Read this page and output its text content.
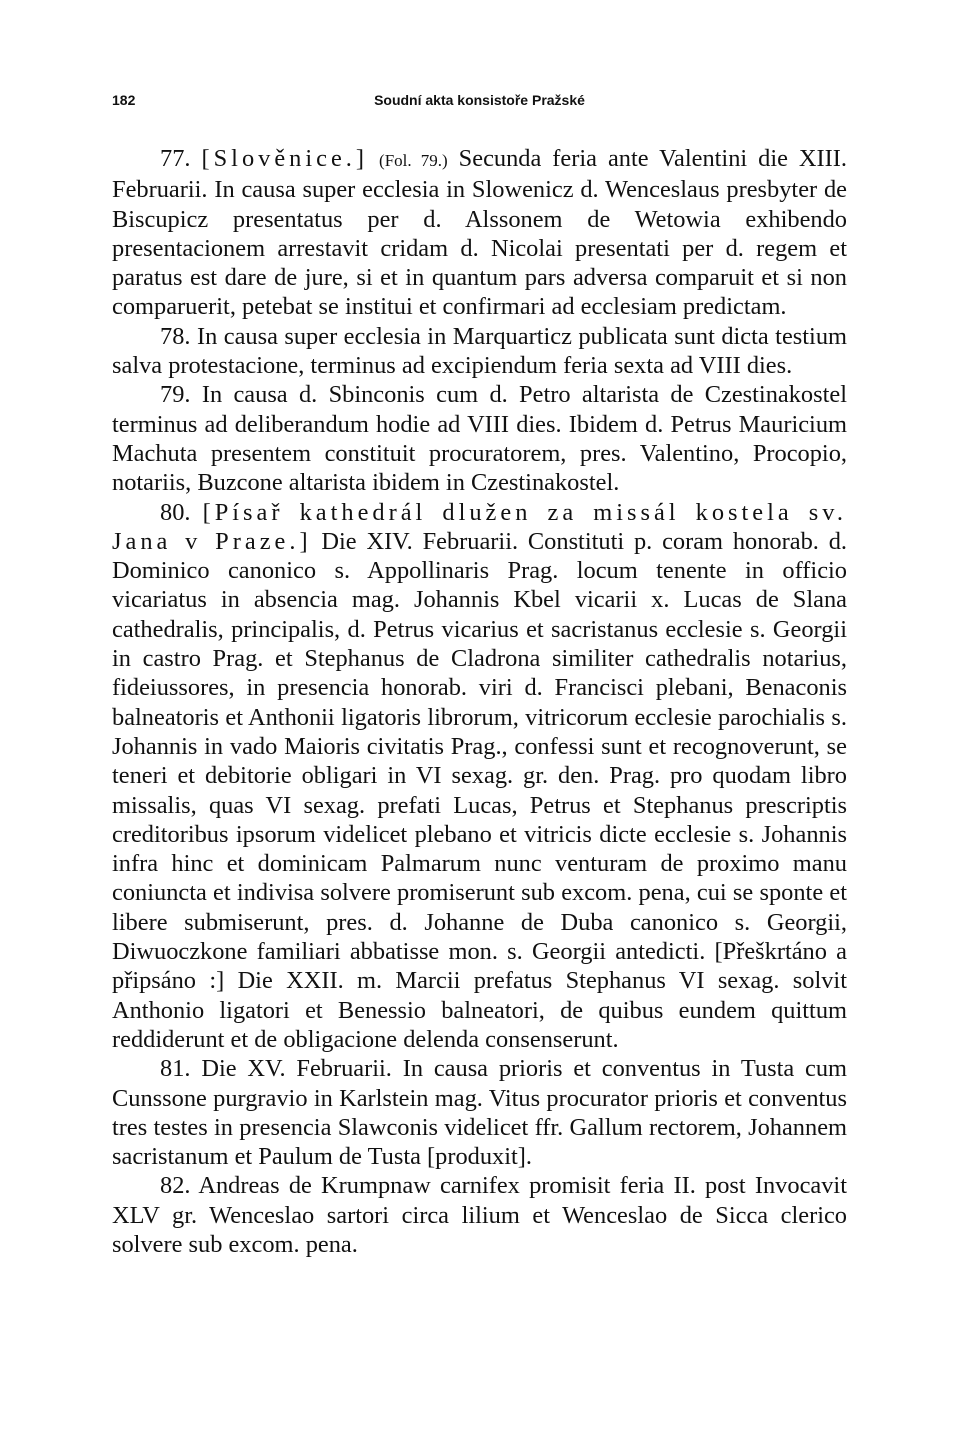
182	Soudní akta konsistoře Pražské

77. [Slověnice.] (Fol. 79.) Secunda feria ante Valentini die XIII. Februarii. In causa super ecclesia in Slowenicz d. Wenceslaus presbyter de Biscupicz presentatus per d. Alssonem de Wetowia exhibendo presentacionem arrestavit cridam d. Nicolai presentati per d. regem et paratus est dare de jure, si et in quantum pars adversa comparuit et si non comparuerit, petebat se institui et confirmari ad ecclesiam predictam.

78. In causa super ecclesia in Marquarticz publicata sunt dicta testium salva protestacione, terminus ad excipiendum feria sexta ad VIII dies.

79. In causa d. Sbinconis cum d. Petro altarista de Czestinakostel terminus ad deliberandum hodie ad VIII dies. Ibidem d. Petrus Mauricium Machuta presentem constituit procuratorem, pres. Valentino, Procopio, notariis, Buzcone altarista ibidem in Czestinakostel.

80. [Písař kathedrál dlužen za missál kostela sv. Jana v Praze.] Die XIV. Februarii. Constituti p. coram honorab. d. Dominico canonico s. Appollinaris Prag. locum tenente in officio vicariatus in absencia mag. Johannis Kbel vicarii x. Lucas de Slana cathedralis, principalis, d. Petrus vicarius et sacristanus ecclesie s. Georgii in castro Prag. et Stephanus de Cladrona similiter cathedralis notarius, fideiussores, in presencia honorab. viri d. Francisci plebani, Benaconis balneatoris et Anthonii ligatoris librorum, vitricorum ecclesie parochialis s. Johannis in vado Maioris civitatis Prag., confessi sunt et recognoverunt, se teneri et debitorie obligari in VI sexag. gr. den. Prag. pro quodam libro missalis, quas VI sexag. prefati Lucas, Petrus et Stephanus prescriptis creditoribus ipsorum videlicet plebano et vitricis dicte ecclesie s. Johannis infra hinc et dominicam Palmarum nunc venturam de proximo manu coniuncta et indivisa solvere promiserunt sub excom. pena, cui se sponte et libere submiserunt, pres. d. Johanne de Duba canonico s. Georgii, Diwuoczkone familiari abbatisse mon. s. Georgii antedicti. [Přeškrtáno a připsáno :] Die XXII. m. Marcii prefatus Stephanus VI sexag. solvit Anthonio ligatori et Benessio balneatori, de quibus eundem quittum reddiderunt et de obligacione delenda consenserunt.

81. Die XV. Februarii. In causa prioris et conventus in Tusta cum Cunssone purgravio in Karlstein mag. Vitus procurator prioris et conventus tres testes in presencia Slawconis videlicet ffr. Gallum rectorem, Johannem sacristanum et Paulum de Tusta [produxit].

82. Andreas de Krumpnaw carnifex promisit feria II. post Invocavit XLV gr. Wenceslao sartori circa lilium et Wenceslao de Sicca clerico solvere sub excom. pena.
